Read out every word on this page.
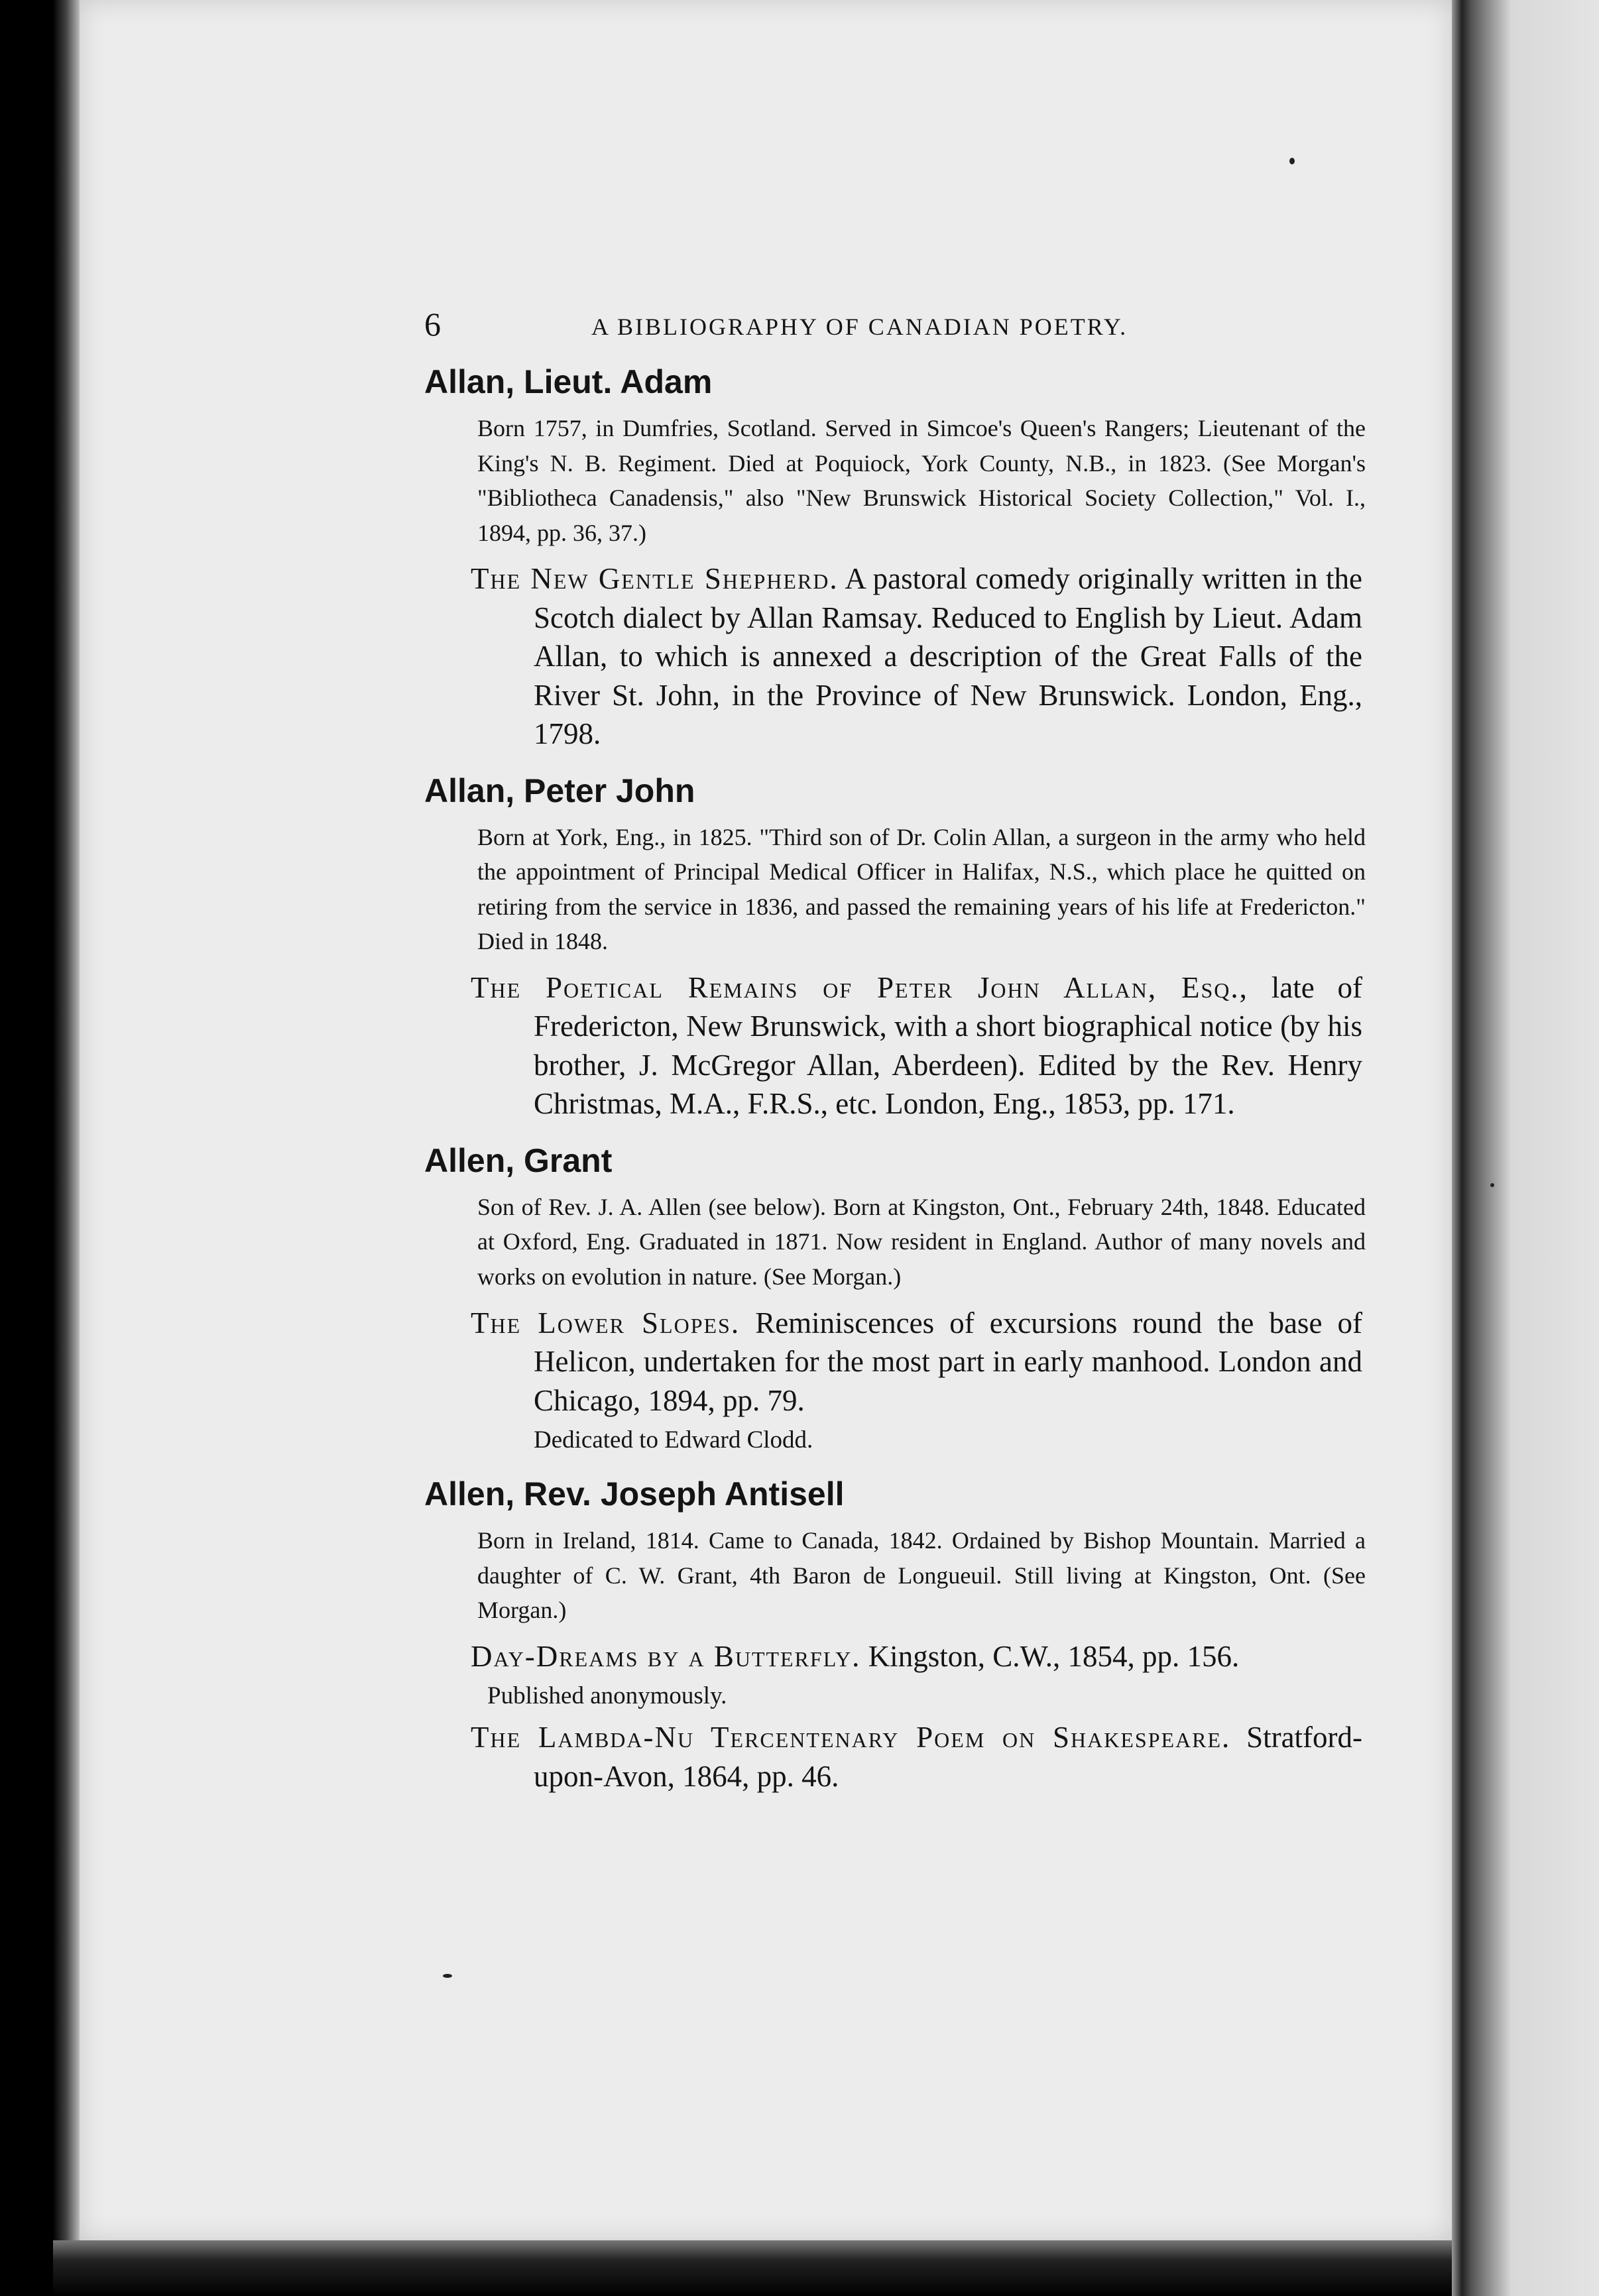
6	A BIBLIOGRAPHY OF CANADIAN POETRY.
Allan, Lieut. Adam
Born 1757, in Dumfries, Scotland. Served in Simcoe's Queen's Rangers; Lieutenant of the King's N. B. Regiment. Died at Poquiock, York County, N.B., in 1823. (See Morgan's "Bibliotheca Canadensis," also "New Brunswick Historical Society Collection," Vol. I., 1894, pp. 36, 37.)
The New Gentle Shepherd. A pastoral comedy originally written in the Scotch dialect by Allan Ramsay. Reduced to English by Lieut. Adam Allan, to which is annexed a description of the Great Falls of the River St. John, in the Province of New Brunswick. London, Eng., 1798.
Allan, Peter John
Born at York, Eng., in 1825. "Third son of Dr. Colin Allan, a surgeon in the army who held the appointment of Principal Medical Officer in Halifax, N.S., which place he quitted on retiring from the service in 1836, and passed the remaining years of his life at Fredericton." Died in 1848.
The Poetical Remains of Peter John Allan, Esq., late of Fredericton, New Brunswick, with a short biographical notice (by his brother, J. McGregor Allan, Aberdeen). Edited by the Rev. Henry Christmas, M.A., F.R.S., etc. London, Eng., 1853, pp. 171.
Allen, Grant
Son of Rev. J. A. Allen (see below). Born at Kingston, Ont., February 24th, 1848. Educated at Oxford, Eng. Graduated in 1871. Now resident in England. Author of many novels and works on evolution in nature. (See Morgan.)
The Lower Slopes. Reminiscences of excursions round the base of Helicon, undertaken for the most part in early manhood. London and Chicago, 1894, pp. 79.
Dedicated to Edward Clodd.
Allen, Rev. Joseph Antisell
Born in Ireland, 1814. Came to Canada, 1842. Ordained by Bishop Mountain. Married a daughter of C. W. Grant, 4th Baron de Longueuil. Still living at Kingston, Ont. (See Morgan.)
Day-Dreams by a Butterfly. Kingston, C.W., 1854, pp. 156.
Published anonymously.
The Lambda-Nu Tercentenary Poem on Shakespeare. Stratford-upon-Avon, 1864, pp. 46.
